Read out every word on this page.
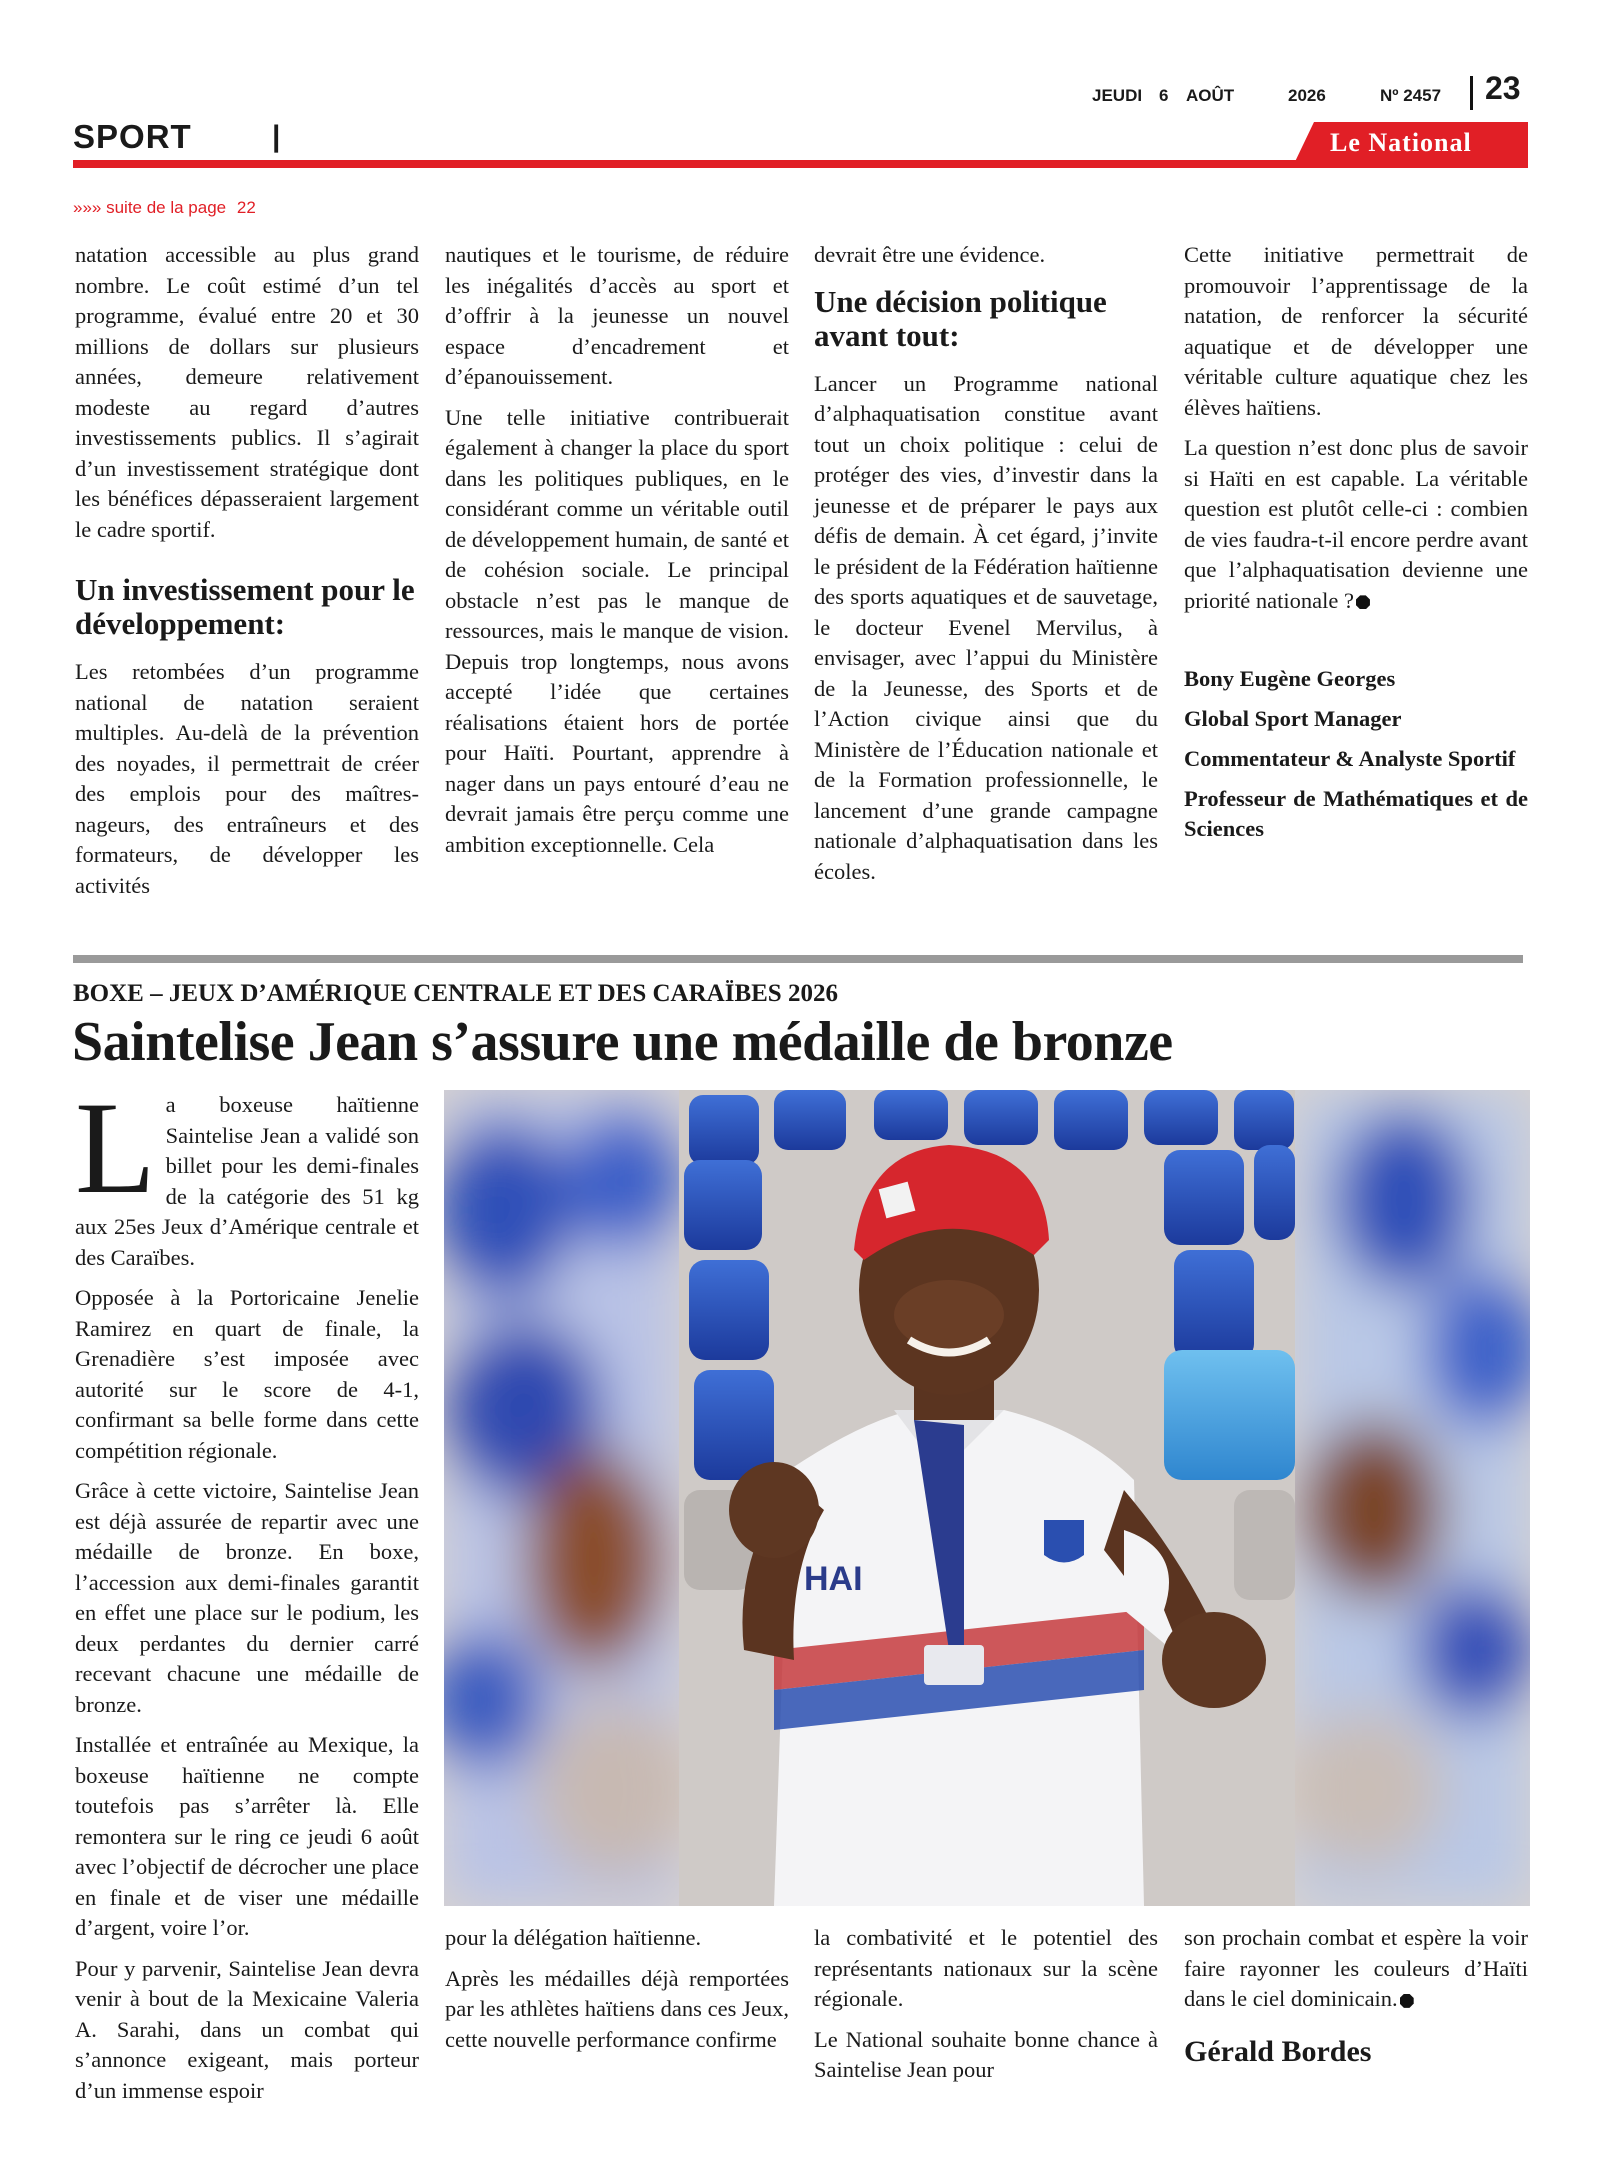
JEUDI 6 AOÛT	2026	Nº 2457 23
SPORT	|	Le National
»»» suite de la page 22

natation accessible au plus grand nombre. Le coût estimé d’un tel programme, évalué entre 20 et 30 millions de dollars sur plusieurs années, demeure relativement modeste au regard d’autres investissements publics. Il s’agirait d’un investissement stratégique dont les bénéfices dépasseraient largement le cadre sportif.

Un investissement pour le développement:

Les retombées d’un programme national de natation seraient multiples. Au-delà de la prévention des noyades, il permettrait de créer des emplois pour des maîtres-nageurs, des entraîneurs et des formateurs, de développer les activités

nautiques et le tourisme, de réduire les inégalités d’accès au sport et d’offrir à la jeunesse un nouvel espace d’encadrement et d’épanouissement.

Une telle initiative contribuerait également à changer la place du sport dans les politiques publiques, en le considérant comme un véritable outil de développement humain, de santé et de cohésion sociale. Le principal obstacle n’est pas le manque de ressources, mais le manque de vision. Depuis trop longtemps, nous avons accepté l’idée que certaines réalisations étaient hors de portée pour Haïti. Pourtant, apprendre à nager dans un pays entouré d’eau ne devrait jamais être perçu comme une ambition exceptionnelle. Cela

devrait être une évidence.

Une décision politique avant tout:

Lancer un Programme national d’alphaquatisation constitue avant tout un choix politique : celui de protéger des vies, d’investir dans la jeunesse et de préparer le pays aux défis de demain. À cet égard, j’invite le président de la Fédération haïtienne des sports aquatiques et de sauvetage, le docteur Evenel Mervilus, à envisager, avec l’appui du Ministère de la Jeunesse, des Sports et de l’Action civique ainsi que du Ministère de l’Éducation nationale et de la Formation professionnelle, le lancement d’une grande campagne nationale d’alphaquatisation dans les écoles.

Cette initiative permettrait de promouvoir l’apprentissage de la natation, de renforcer la sécurité aquatique et de développer une véritable culture aquatique chez les élèves haïtiens.

La question n’est donc plus de savoir si Haïti en est capable. La véritable question est plutôt celle-ci : combien de vies faudra-t-il encore perdre avant que l’alphaquatisation devienne une priorité nationale ?

Bony Eugène Georges

Global Sport Manager

Commentateur & Analyste Sportif

Professeur de Mathématiques et de Sciences

BOXE – JEUX D’AMÉRIQUE CENTRALE ET DES CARAÏBES 2026
Saintelise Jean s’assure une médaille de bronze

La boxeuse haïtienne Saintelise Jean a validé son billet pour les demi-finales de la catégorie des 51 kg aux 25es Jeux d’Amérique centrale et des Caraïbes.

Opposée à la Portoricaine Jenelie Ramirez en quart de finale, la Grenadière s’est imposée avec autorité sur le score de 4-1, confirmant sa belle forme dans cette compétition régionale.

Grâce à cette victoire, Saintelise Jean est déjà assurée de repartir avec une médaille de bronze. En boxe, l’accession aux demi-finales garantit en effet une place sur le podium, les deux perdantes du dernier carré recevant chacune une médaille de bronze.

Installée et entraînée au Mexique, la boxeuse haïtienne ne compte toutefois pas s’arrêter là. Elle remontera sur le ring ce jeudi 6 août avec l’objectif de décrocher une place en finale et de viser une médaille d’argent, voire l’or.

Pour y parvenir, Saintelise Jean devra venir à bout de la Mexicaine Valeria A. Sarahi, dans un combat qui s’annonce exigeant, mais porteur d’un immense espoir

HAI

pour la délégation haïtienne.

Après les médailles déjà remportées par les athlètes haïtiens dans ces Jeux, cette nouvelle performance confirme

la combativité et le potentiel des représentants nationaux sur la scène régionale.

Le National souhaite bonne chance à Saintelise Jean pour

son prochain combat et espère la voir faire rayonner les couleurs d’Haïti dans le ciel dominicain.

Gérald Bordes
